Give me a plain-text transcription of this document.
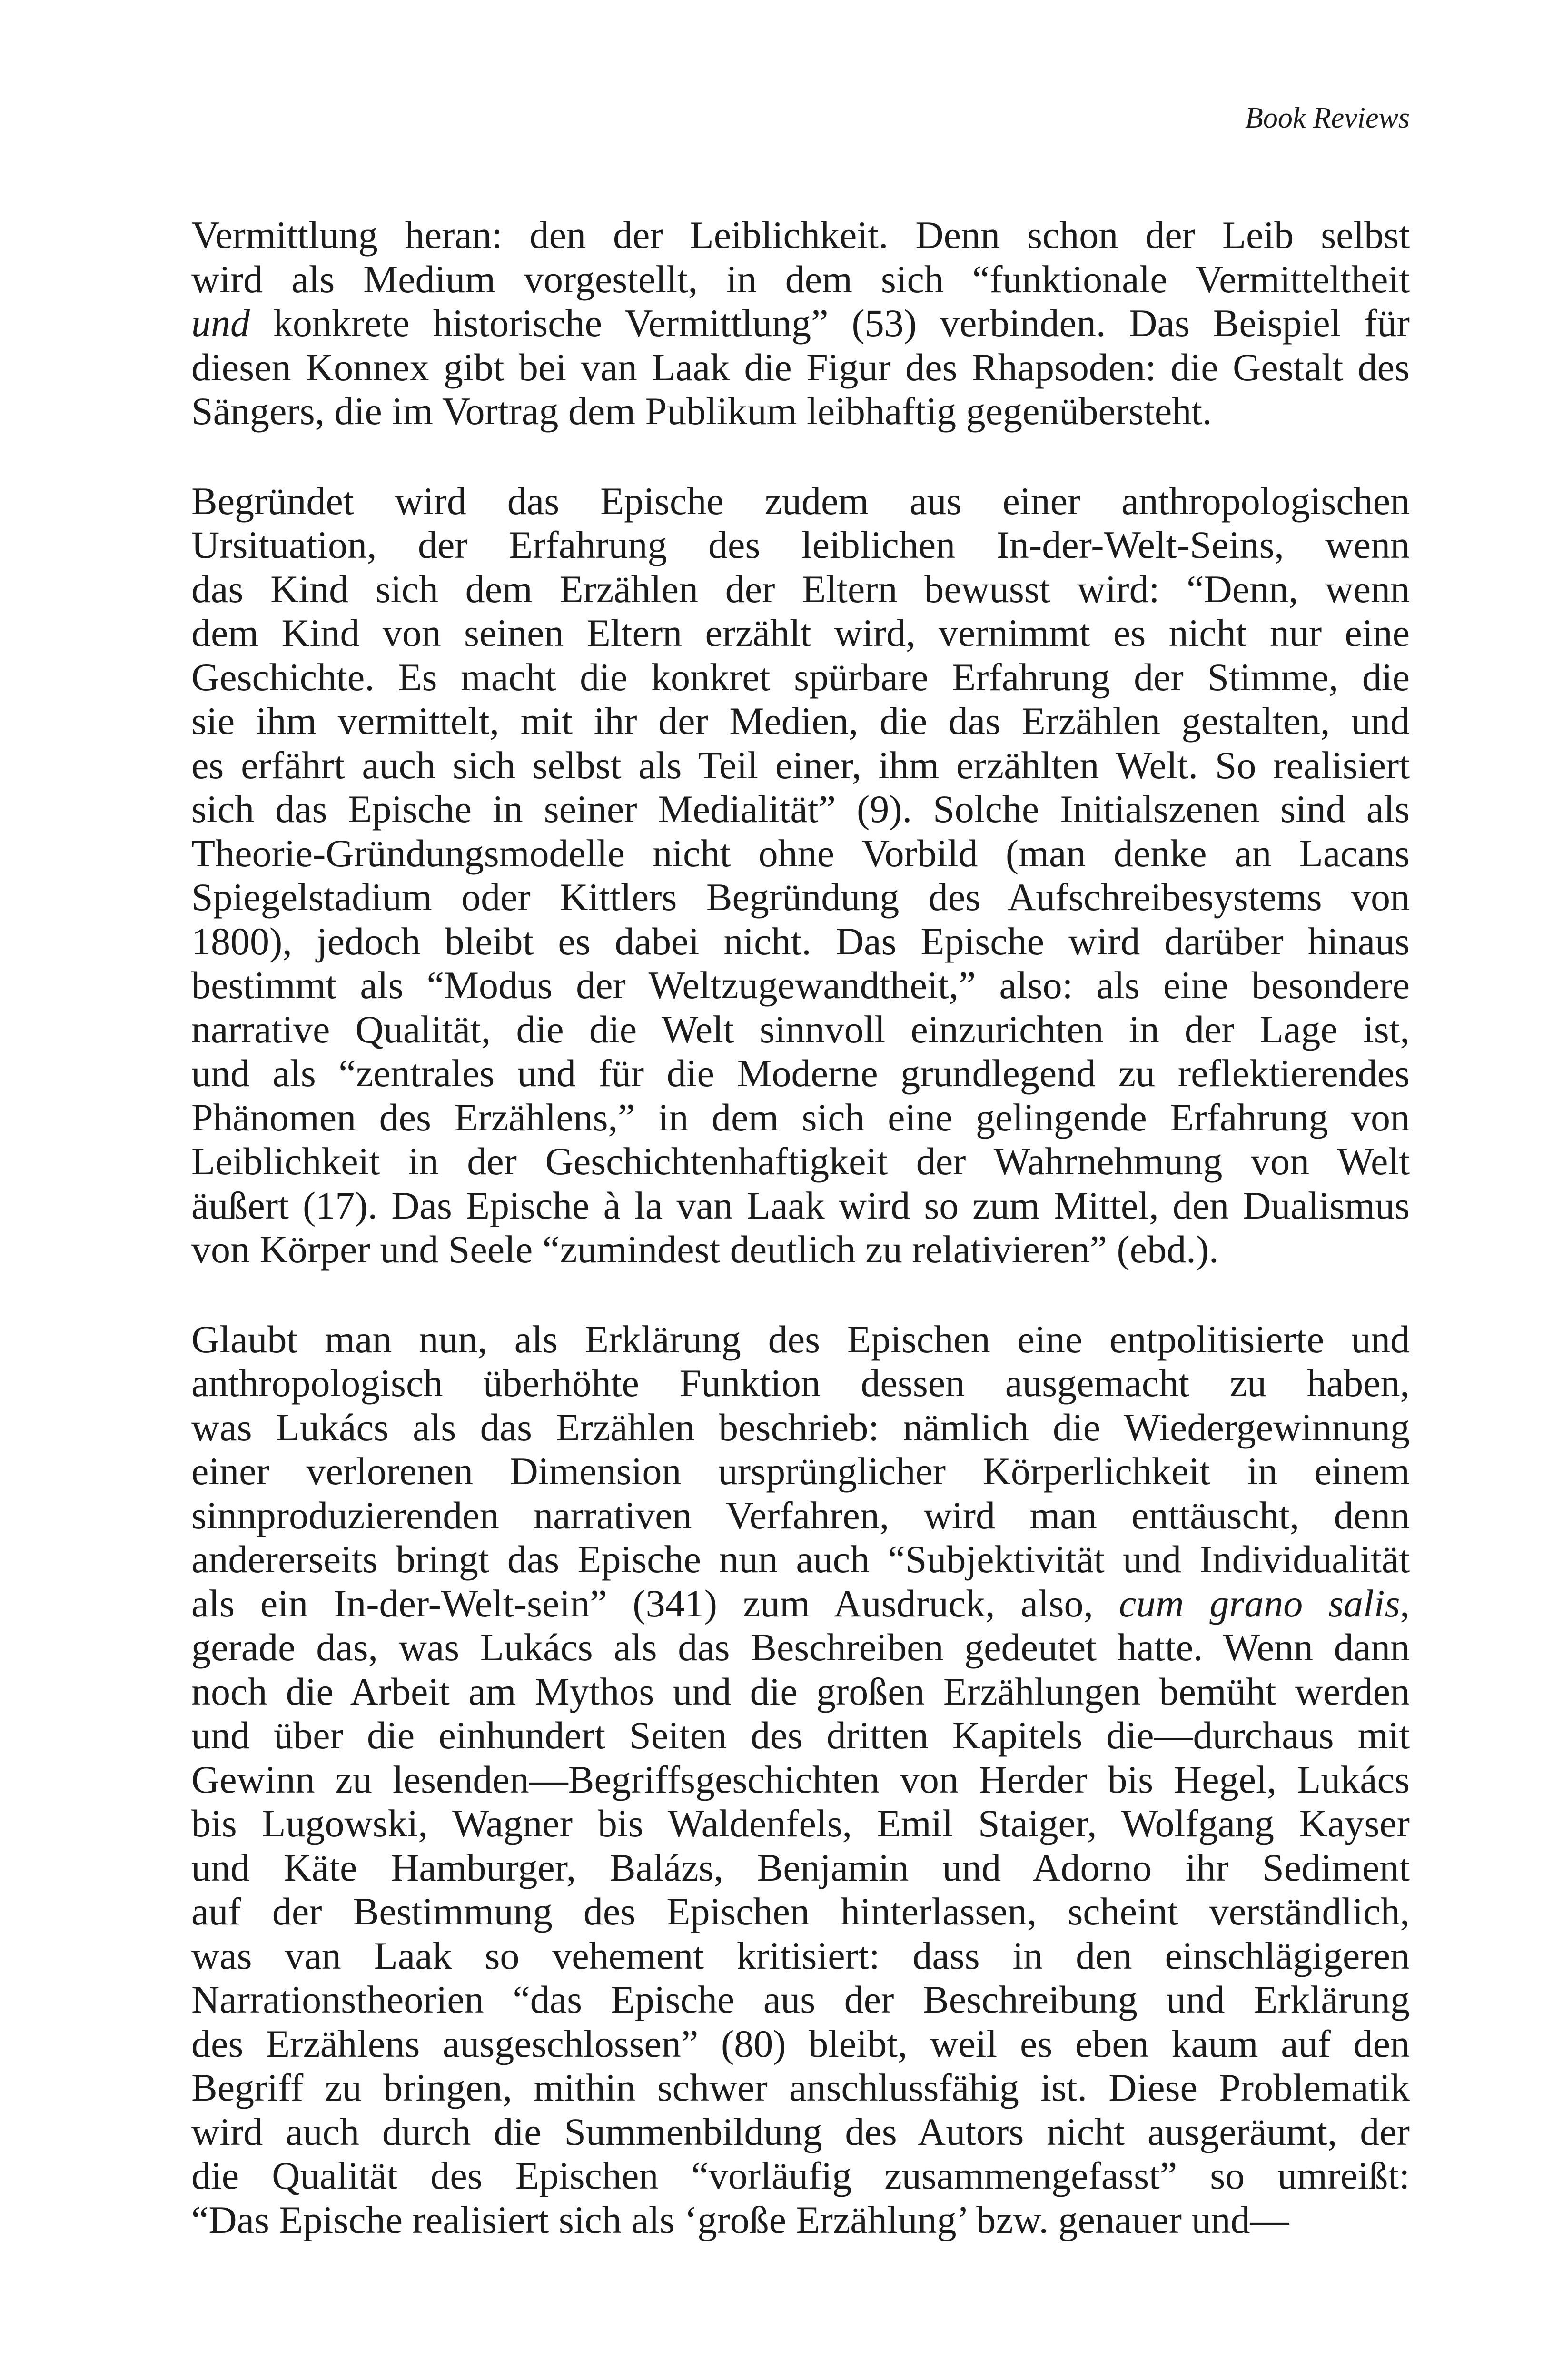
Book Reviews

Vermittlung heran: den der Leiblichkeit. Denn schon der Leib selbst
wird als Medium vorgestellt, in dem sich “funktionale Vermitteltheit
und konkrete historische Vermittlung” (53) verbinden. Das Beispiel für
diesen Konnex gibt bei van Laak die Figur des Rhapsoden: die Gestalt des
Sängers, die im Vortrag dem Publikum leibhaftig gegenübersteht.

Begründet wird das Epische zudem aus einer anthropologischen
Ursituation, der Erfahrung des leiblichen In-der-Welt-Seins, wenn
das Kind sich dem Erzählen der Eltern bewusst wird: “Denn, wenn
dem Kind von seinen Eltern erzählt wird, vernimmt es nicht nur eine
Geschichte. Es macht die konkret spürbare Erfahrung der Stimme, die
sie ihm vermittelt, mit ihr der Medien, die das Erzählen gestalten, und
es erfährt auch sich selbst als Teil einer, ihm erzählten Welt. So realisiert
sich das Epische in seiner Medialität” (9). Solche Initialszenen sind als
Theorie-Gründungsmodelle nicht ohne Vorbild (man denke an Lacans
Spiegelstadium oder Kittlers Begründung des Aufschreibesystems von
1800), jedoch bleibt es dabei nicht. Das Epische wird darüber hinaus
bestimmt als “Modus der Weltzugewandtheit,” also: als eine besondere
narrative Qualität, die die Welt sinnvoll einzurichten in der Lage ist,
und als “zentrales und für die Moderne grundlegend zu reflektierendes
Phänomen des Erzählens,” in dem sich eine gelingende Erfahrung von
Leiblichkeit in der Geschichtenhaftigkeit der Wahrnehmung von Welt
äußert (17). Das Epische à la van Laak wird so zum Mittel, den Dualismus
von Körper und Seele “zumindest deutlich zu relativieren” (ebd.).

Glaubt man nun, als Erklärung des Epischen eine entpolitisierte und
anthropologisch überhöhte Funktion dessen ausgemacht zu haben,
was Lukács als das Erzählen beschrieb: nämlich die Wiedergewinnung
einer verlorenen Dimension ursprünglicher Körperlichkeit in einem
sinnproduzierenden narrativen Verfahren, wird man enttäuscht, denn
andererseits bringt das Epische nun auch “Subjektivität und Individualität
als ein In-der-Welt-sein” (341) zum Ausdruck, also, cum grano salis,
gerade das, was Lukács als das Beschreiben gedeutet hatte. Wenn dann
noch die Arbeit am Mythos und die großen Erzählungen bemüht werden
und über die einhundert Seiten des dritten Kapitels die—durchaus mit
Gewinn zu lesenden—Begriffsgeschichten von Herder bis Hegel, Lukács
bis Lugowski, Wagner bis Waldenfels, Emil Staiger, Wolfgang Kayser
und Käte Hamburger, Balázs, Benjamin und Adorno ihr Sediment
auf der Bestimmung des Epischen hinterlassen, scheint verständlich,
was van Laak so vehement kritisiert: dass in den einschlägigeren
Narrationstheorien “das Epische aus der Beschreibung und Erklärung
des Erzählens ausgeschlossen” (80) bleibt, weil es eben kaum auf den
Begriff zu bringen, mithin schwer anschlussfähig ist. Diese Problematik
wird auch durch die Summenbildung des Autors nicht ausgeräumt, der
die Qualität des Epischen “vorläufig zusammengefasst” so umreißt:
“Das Epische realisiert sich als ‘große Erzählung’ bzw. genauer und—
